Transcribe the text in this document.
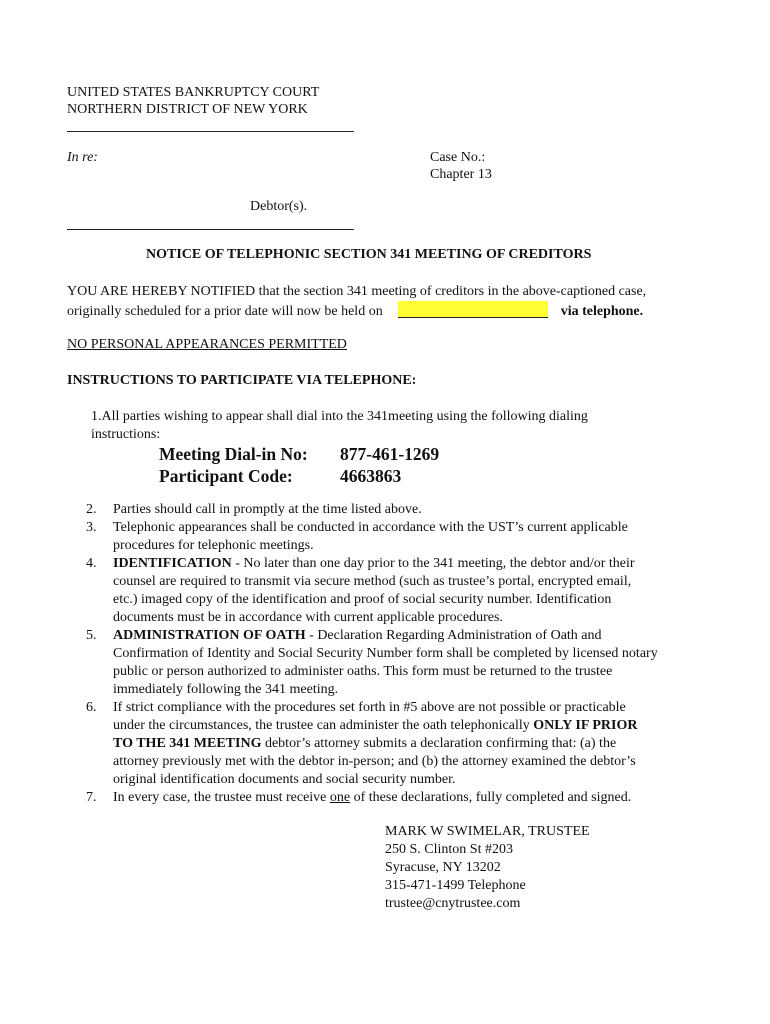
UNITED STATES BANKRUPTCY COURT
NORTHERN DISTRICT OF NEW YORK
In re:	Case No.:
Chapter 13
Debtor(s).
NOTICE OF TELEPHONIC SECTION 341 MEETING OF CREDITORS
YOU ARE HEREBY NOTIFIED that the section 341 meeting of creditors in the above-captioned case,
originally scheduled for a prior date will now be held on	via telephone.
NO PERSONAL APPEARANCES PERMITTED
INSTRUCTIONS TO PARTICIPATE VIA TELEPHONE:
1.All parties wishing to appear shall dial into the 341meeting using the following dialing
instructions:
Meeting Dial-in No: 877-461-1269
Participant Code:	4663863
2. Parties should call in promptly at the time listed above.
3. Telephonic appearances shall be conducted in accordance with the UST’s current applicable
procedures for telephonic meetings.
4. IDENTIFICATION - No later than one day prior to the 341 meeting, the debtor and/or their
counsel are required to transmit via secure method (such as trustee’s portal, encrypted email,
etc.) imaged copy of the identification and proof of social security number. Identification
documents must be in accordance with current applicable procedures.
5. ADMINISTRATION OF OATH - Declaration Regarding Administration of Oath and
Confirmation of Identity and Social Security Number form shall be completed by licensed notary
public or person authorized to administer oaths. This form must be returned to the trustee
immediately following the 341 meeting.
6. If strict compliance with the procedures set forth in #5 above are not possible or practicable
under the circumstances, the trustee can administer the oath telephonically ONLY IF PRIOR
TO THE 341 MEETING debtor’s attorney submits a declaration confirming that: (a) the
attorney previously met with the debtor in-person; and (b) the attorney examined the debtor’s
original identification documents and social security number.
7. In every case, the trustee must receive one of these declarations, fully completed and signed.
MARK W SWIMELAR, TRUSTEE
250 S. Clinton St #203
Syracuse, NY 13202
315-471-1499 Telephone
trustee@cnytrustee.com
